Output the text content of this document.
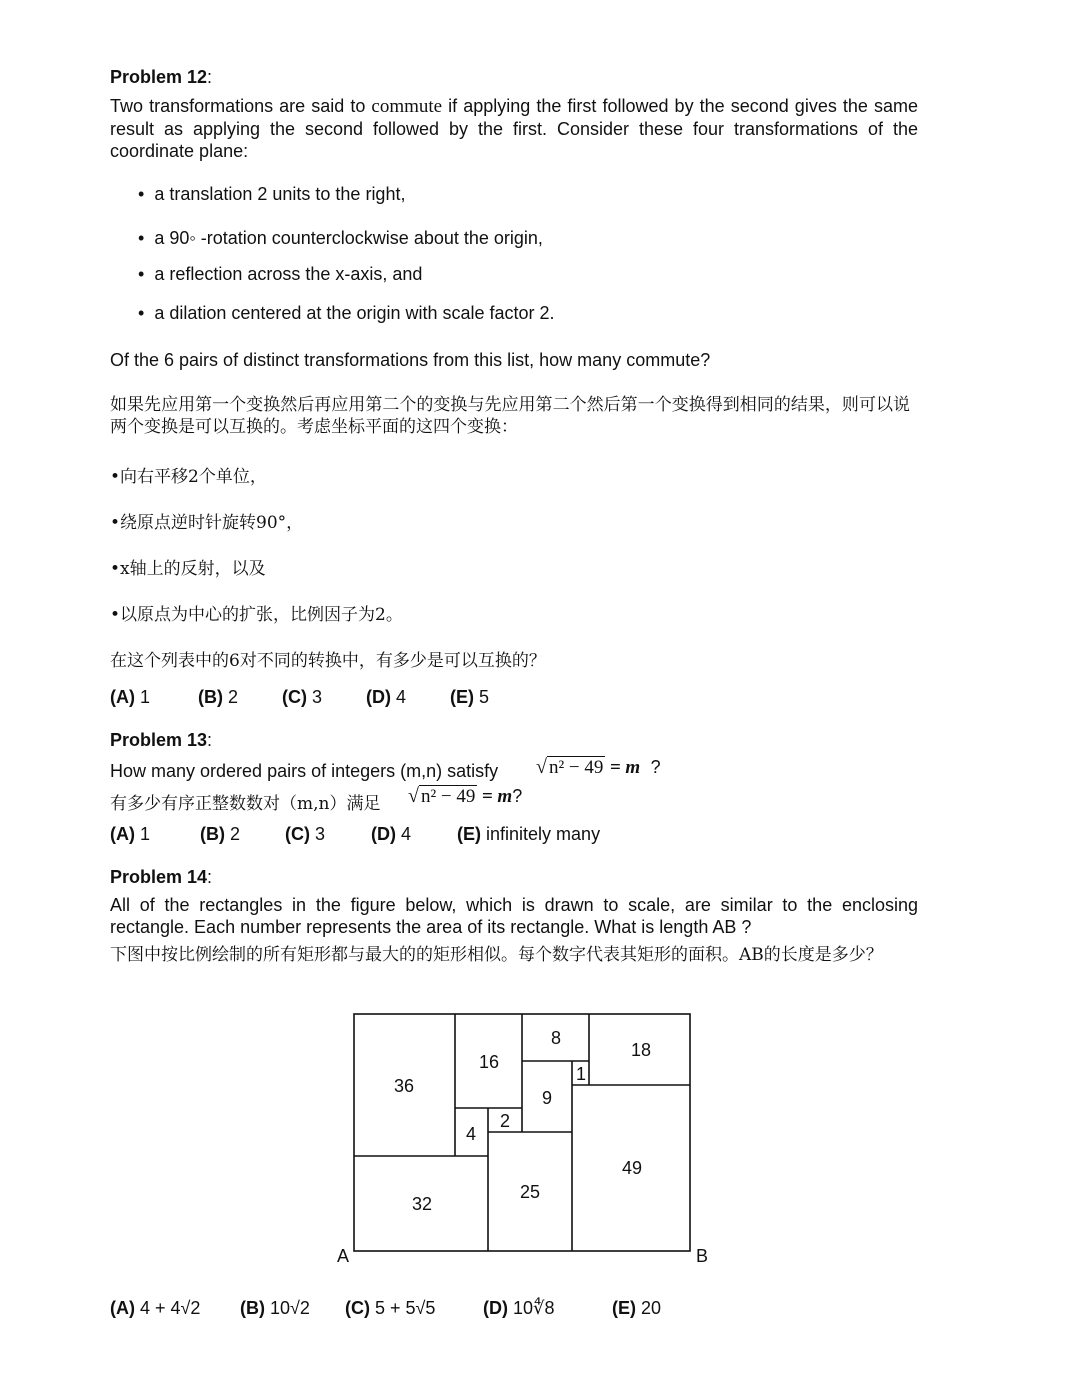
Problem 12:
Two transformations are said to commute if applying the first followed by the second gives the same result as applying the second followed by the first. Consider these four transformations of the coordinate plane:
•  a translation 2 units to the right,
•  a 90◦ -rotation counterclockwise about the origin,
•  a reflection across the x-axis, and
•  a dilation centered at the origin with scale factor 2.
Of the 6 pairs of distinct transformations from this list, how many commute?
如果先应用第一个变换然后再应用第二个的变换与先应用第二个然后第一个变换得到相同的结果，则可以说两个变换是可以互换的。考虑坐标平面的这四个变换：
•向右平移2个单位，
•绕原点逆时针旋转90°，
•x轴上的反射，以及
•以原点为中心的扩张，比例因子为2。
在这个列表中的6对不同的转换中，有多少是可以互换的？
(A) 1	(B) 2 (C) 3 (D) 4 (E) 5
Problem 13:
How many ordered pairs of integers (m,n) satisfy √ n² − 49 = m ?
有多少有序正整数数对（m,n）满足 √ n² − 49 = m?
(A) 1	(B) 2 (C) 3	(D) 4	(E) infinitely many
Problem 14:
All of the rectangles in the figure below, which is drawn to scale, are similar to the enclosing rectangle. Each number represents the area of its rectangle. What is length AB ?
下图中按比例绘制的所有矩形都与最大的的矩形相似。每个数字代表其矩形的面积。AB的长度是多少？
36
16
8
18
1
9
2
4
32
25
49
A	B
(A) 4 + 4√2 (B) 10√2 (C) 5 + 5√5	(D) 10∜8	(E) 20
